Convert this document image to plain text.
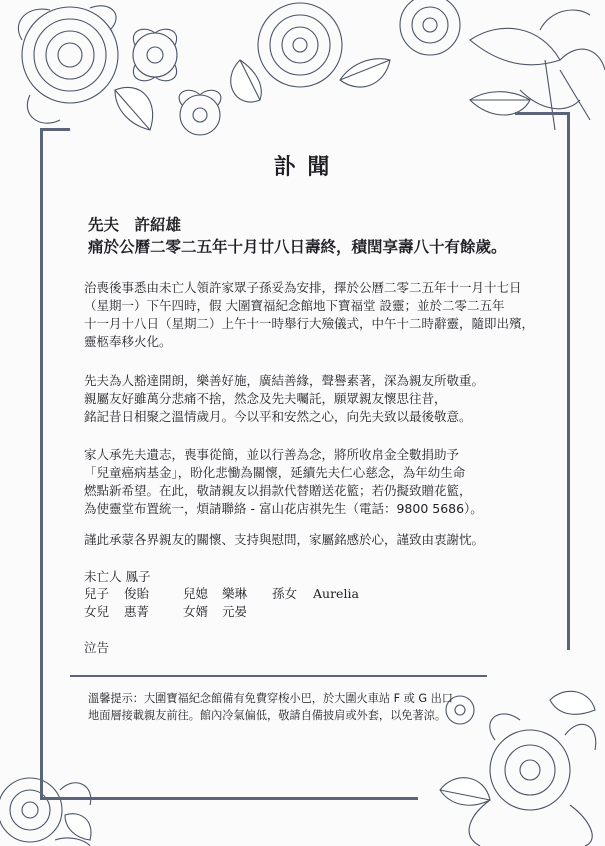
訃 聞
先夫　許紹雄
痛於公曆二零二五年十月廿八日壽終，積閏享壽八十有餘歲。
治喪後事悉由未亡人領許家眾子孫妥為安排，擇於公曆二零二五年十一月十七日
（星期一）下午四時，假 大圍寶福紀念館地下寶福堂 設靈；並於二零二五年
十一月十八日（星期二）上午十一時舉行大殮儀式，中午十二時辭靈，隨即出殯，
靈柩奉移火化。
先夫為人豁達開朗，樂善好施，廣結善緣，聲譽素著，深為親友所敬重。
親屬友好雖萬分悲痛不捨，然念及先夫囑託，願眾親友懷思往昔，
銘記昔日相聚之溫情歲月。今以平和安然之心，向先夫致以最後敬意。
家人承先夫遺志，喪事從簡，並以行善為念，將所收帛金全數捐助予
「兒童癌病基金」，盼化悲慟為關懷，延續先夫仁心慈念，為年幼生命
燃點新希望。在此，敬請親友以捐款代替贈送花籃；若仍擬致贈花籃，
為使靈堂布置統一，煩請聯絡 - 富山花店祺先生（電話：9800 5686）。
謹此承蒙各界親友的關懷、支持與慰問，家屬銘感於心，謹致由衷謝忱。
未亡人 鳳子
兒子 俊貽	兒媳 樂琳 孫女 Aurelia
女兒 惠菁	女婿 元晏
泣告
溫馨提示：大圍寶福紀念館備有免費穿梭小巴，於大圍火車站 F 或 G 出口
地面層接載親友前往。館內冷氣偏低，敬請自備披肩或外套，以免著涼。
